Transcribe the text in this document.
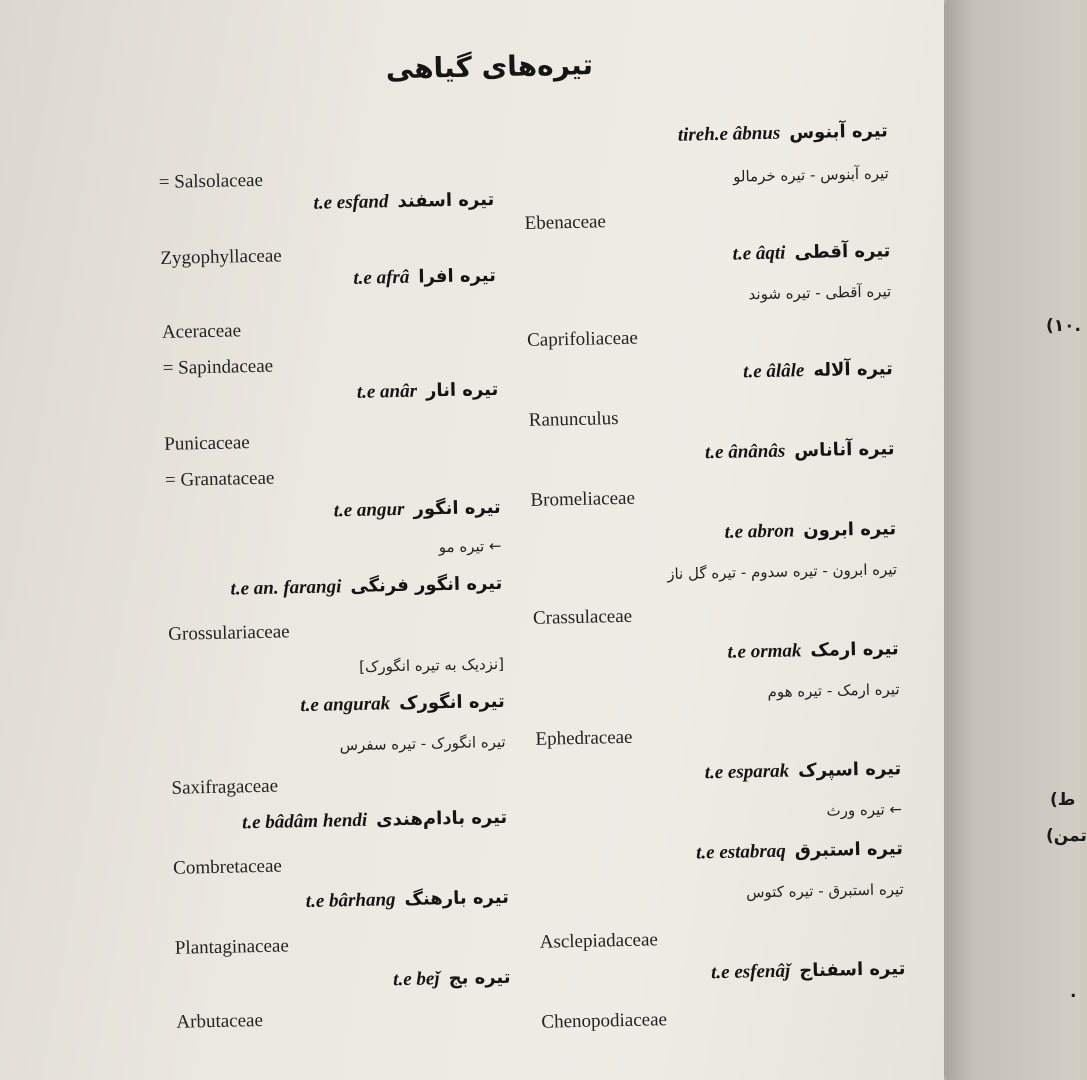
تیره‌های گیاهی
تیره آبنوسtireh.e âbnus
تیره آبنوس - تیره خرمالو
Ebenaceae
تیره آقطیt.e âqti
تیره آقطی - تیره شوند
Caprifoliaceae
تیره آلالهt.e âlâle
Ranunculus
تیره آناناسt.e ânânâs
Bromeliaceae
تیره ابرونt.e abron
تیره ابرون - تیره سدوم - تیره گل ناز
Crassulaceae
تیره ارمکt.e ormak
تیره ارمک - تیره هوم
Ephedraceae
تیره اسپرکt.e esparak
← تیره ورث
تیره استبرقt.e estabraq
تیره استبرق - تیره کتوس
Asclepiadaceae
تیره اسفناجt.e esfenâǰ
Chenopodiaceae
= Salsolaceae
تیره اسفندt.e esfand
Zygophyllaceae
تیره افراt.e afrâ
Aceraceae
= Sapindaceae
تیره انارt.e anâr
Punicaceae
= Granataceae
تیره انگورt.e angur
← تیره مو
تیره انگور فرنگیt.e an. farangi
Grossulariaceae
[نزدیک به تیره انگورک]
تیره انگورکt.e angurak
تیره انگورک - تیره سفرس
Saxifragaceae
تیره بادام‌هندیt.e bâdâm hendi
Combretaceae
تیره بارهنگt.e bârhang
Plantaginaceae
تیره بجt.e beǰ
Arbutaceae
.۱۰)
ط)
تمن)
.
